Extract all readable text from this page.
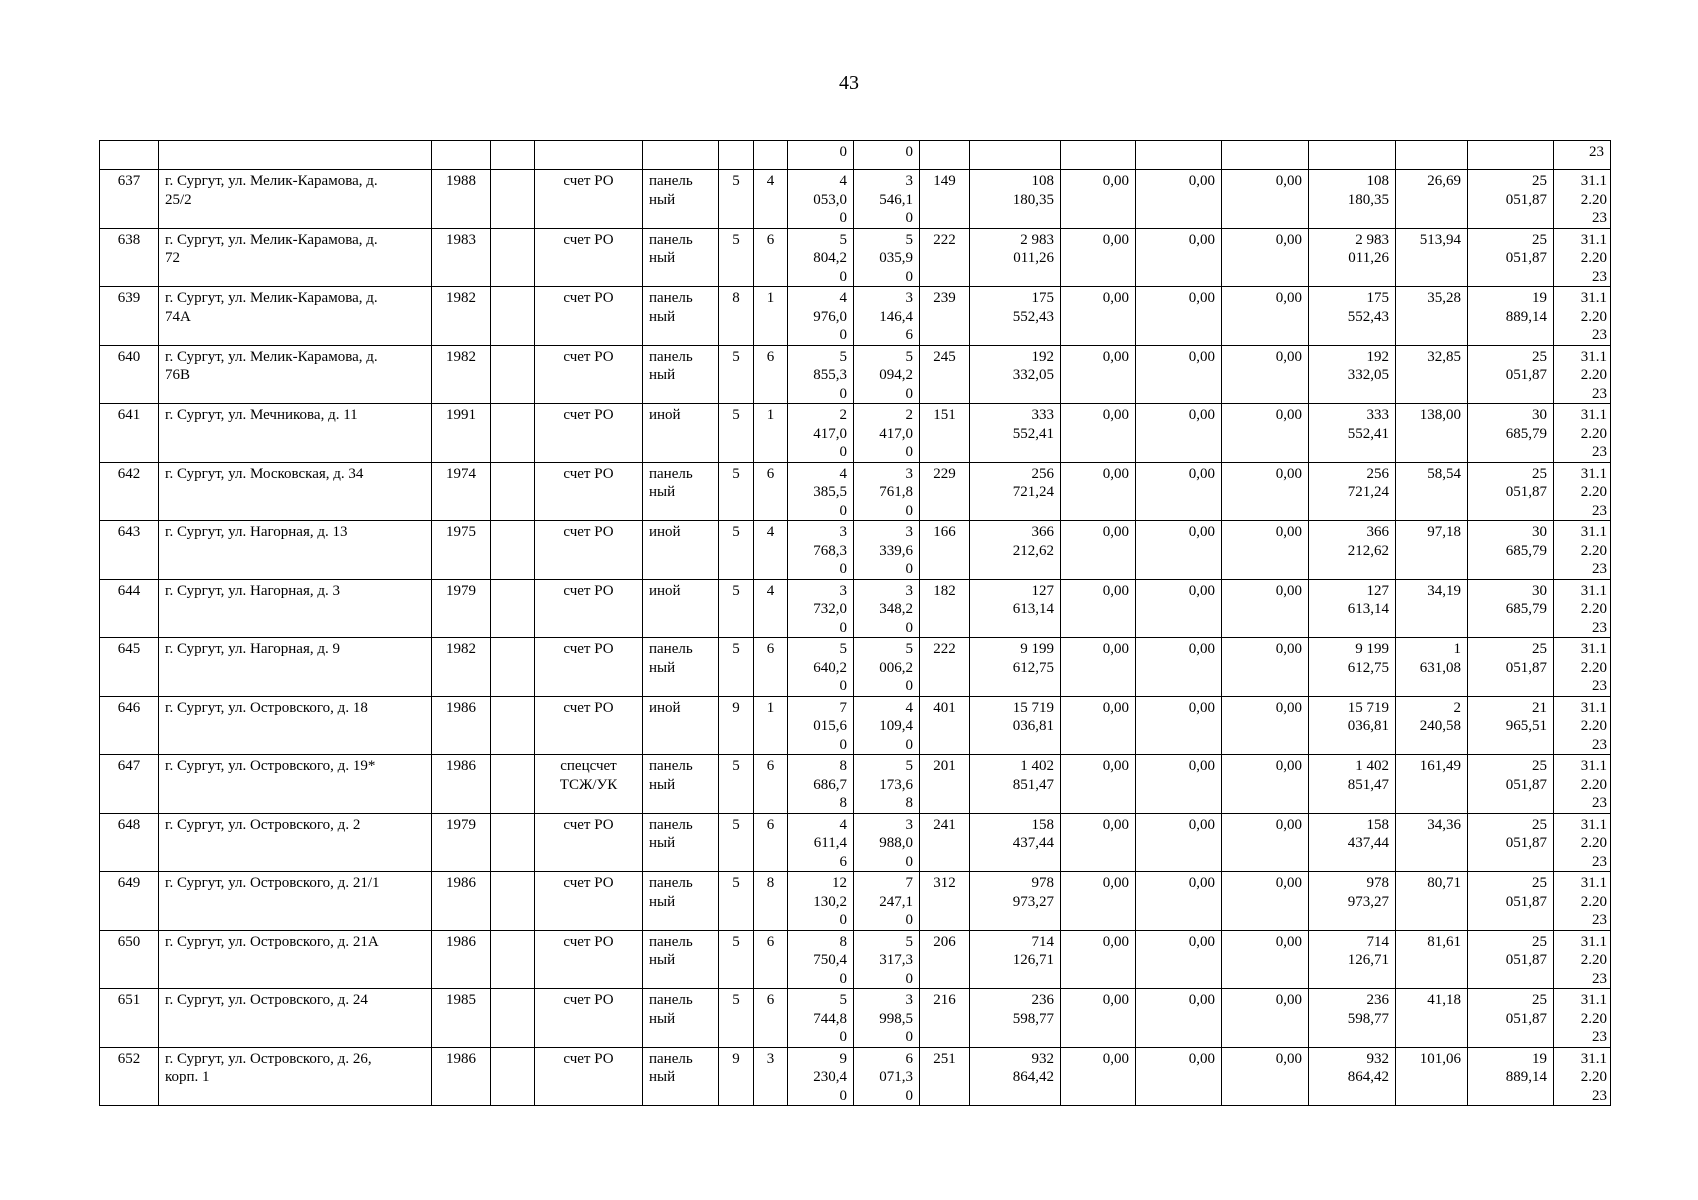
43
								0	0									23
637	г. Сургут, ул. Мелик-Карамова, д.
25/2	1988		счет РО	панель
ный	5	4	4
053,0
0	3
546,1
0	149	108
180,35	0,00	0,00	0,00	108
180,35	26,69	25
051,87	31.1
2.20
23
638	г. Сургут, ул. Мелик-Карамова, д.
72	1983		счет РО	панель
ный	5	6	5
804,2
0	5
035,9
0	222	2 983
011,26	0,00	0,00	0,00	2 983
011,26	513,94	25
051,87	31.1
2.20
23
639	г. Сургут, ул. Мелик-Карамова, д.
74А	1982		счет РО	панель
ный	8	1	4
976,0
0	3
146,4
6	239	175
552,43	0,00	0,00	0,00	175
552,43	35,28	19
889,14	31.1
2.20
23
640	г. Сургут, ул. Мелик-Карамова, д.
76В	1982		счет РО	панель
ный	5	6	5
855,3
0	5
094,2
0	245	192
332,05	0,00	0,00	0,00	192
332,05	32,85	25
051,87	31.1
2.20
23
641	г. Сургут, ул. Мечникова, д. 11	1991		счет РО	иной	5	1	2
417,0
0	2
417,0
0	151	333
552,41	0,00	0,00	0,00	333
552,41	138,00	30
685,79	31.1
2.20
23
642	г. Сургут, ул. Московская, д. 34	1974		счет РО	панель
ный	5	6	4
385,5
0	3
761,8
0	229	256
721,24	0,00	0,00	0,00	256
721,24	58,54	25
051,87	31.1
2.20
23
643	г. Сургут, ул. Нагорная, д. 13	1975		счет РО	иной	5	4	3
768,3
0	3
339,6
0	166	366
212,62	0,00	0,00	0,00	366
212,62	97,18	30
685,79	31.1
2.20
23
644	г. Сургут, ул. Нагорная, д. 3	1979		счет РО	иной	5	4	3
732,0
0	3
348,2
0	182	127
613,14	0,00	0,00	0,00	127
613,14	34,19	30
685,79	31.1
2.20
23
645	г. Сургут, ул. Нагорная, д. 9	1982		счет РО	панель
ный	5	6	5
640,2
0	5
006,2
0	222	9 199
612,75	0,00	0,00	0,00	9 199
612,75	1
631,08	25
051,87	31.1
2.20
23
646	г. Сургут, ул. Островского, д. 18	1986		счет РО	иной	9	1	7
015,6
0	4
109,4
0	401	15 719
036,81	0,00	0,00	0,00	15 719
036,81	2
240,58	21
965,51	31.1
2.20
23
647	г. Сургут, ул. Островского, д. 19*	1986		спецсчет
ТСЖ/УК	панель
ный	5	6	8
686,7
8	5
173,6
8	201	1 402
851,47	0,00	0,00	0,00	1 402
851,47	161,49	25
051,87	31.1
2.20
23
648	г. Сургут, ул. Островского, д. 2	1979		счет РО	панель
ный	5	6	4
611,4
6	3
988,0
0	241	158
437,44	0,00	0,00	0,00	158
437,44	34,36	25
051,87	31.1
2.20
23
649	г. Сургут, ул. Островского, д. 21/1	1986		счет РО	панель
ный	5	8	12
130,2
0	7
247,1
0	312	978
973,27	0,00	0,00	0,00	978
973,27	80,71	25
051,87	31.1
2.20
23
650	г. Сургут, ул. Островского, д. 21А	1986		счет РО	панель
ный	5	6	8
750,4
0	5
317,3
0	206	714
126,71	0,00	0,00	0,00	714
126,71	81,61	25
051,87	31.1
2.20
23
651	г. Сургут, ул. Островского, д. 24	1985		счет РО	панель
ный	5	6	5
744,8
0	3
998,5
0	216	236
598,77	0,00	0,00	0,00	236
598,77	41,18	25
051,87	31.1
2.20
23
652	г. Сургут, ул. Островского, д. 26,
корп. 1	1986		счет РО	панель
ный	9	3	9
230,4
0	6
071,3
0	251	932
864,42	0,00	0,00	0,00	932
864,42	101,06	19
889,14	31.1
2.20
23
